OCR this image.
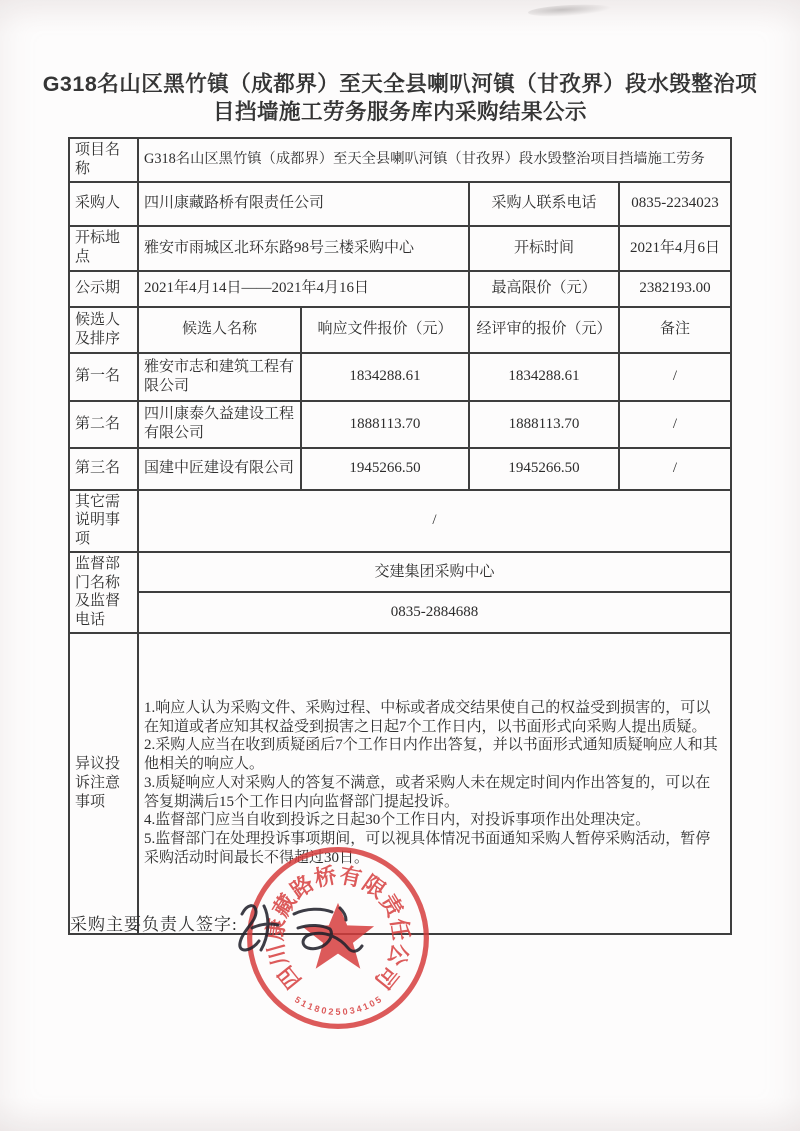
G318名山区黑竹镇（成都界）至天全县喇叭河镇（甘孜界）段水毁整治项
目挡墙施工劳务服务库内采购结果公示
项目名称	G318名山区黑竹镇（成都界）至天全县喇叭河镇（甘孜界）段水毁整治项目挡墙施工劳务			
采购人	四川康藏路桥有限责任公司		采购人联系电话	0835-2234023
开标地点	雅安市雨城区北环东路98号三楼采购中心		开标时间	2021年4月6日
公示期	2021年4月14日——2021年4月16日		最高限价（元）	2382193.00
候选人及排序	候选人名称	响应文件报价（元）	经评审的报价（元）	备注
第一名	雅安市志和建筑工程有限公司	1834288.61	1834288.61	/
第二名	四川康泰久益建设工程有限公司	1888113.70	1888113.70	/
第三名	国建中匠建设有限公司	1945266.50	1945266.50	/
其它需说明事项	/			
监督部门名称及监督电话	交建集团采购中心			
	0835-2884688			
异议投诉注意事项	1.响应人认为采购文件、采购过程、中标或者成交结果使自己的权益受到损害的，可以在知道或者应知其权益受到损害之日起7个工作日内，以书面形式向采购人提出质疑。
2.采购人应当在收到质疑函后7个工作日内作出答复，并以书面形式通知质疑响应人和其他相关的响应人。
3.质疑响应人对采购人的答复不满意，或者采购人未在规定时间内作出答复的，可以在答复期满后15个工作日内向监督部门提起投诉。
4.监督部门应当自收到投诉之日起30个工作日内，对投诉事项作出处理决定。
5.监督部门在处理投诉事项期间，可以视具体情况书面通知采购人暂停采购活动，暂停采购活动时间最长不得超过30日。			
采购主要负责人签字:
四
川
康
藏
路
桥
有
限
责
任
公
司
5
1
1
8 0 2 5 0 3 4
1
0
5
